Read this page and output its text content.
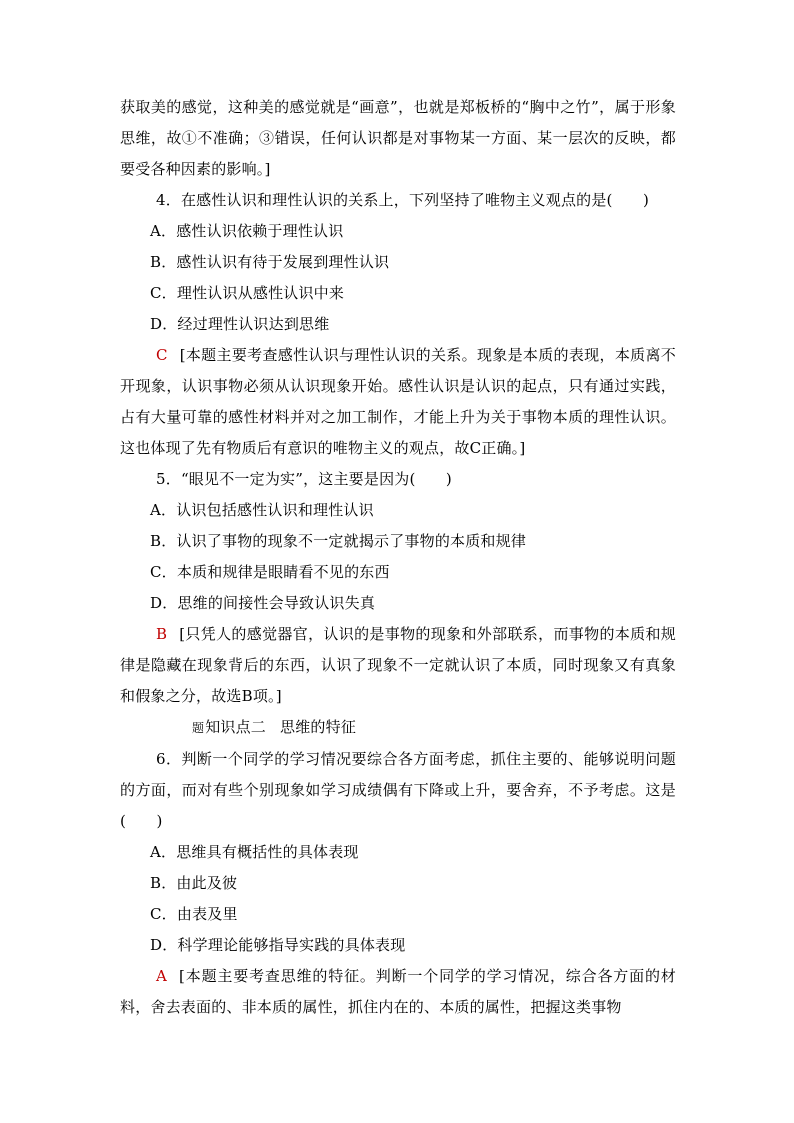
获取美的感觉，这种美的感觉就是“画意”，也就是郑板桥的“胸中之竹”，属于形象思维，故①不准确；③错误，任何认识都是对事物某一方面、某一层次的反映，都要受各种因素的影响。]

4．在感性认识和理性认识的关系上，下列坚持了唯物主义观点的是(　　)

A．感性认识依赖于理性认识

B．感性认识有待于发展到理性认识

C．理性认识从感性认识中来

D．经过理性认识达到思维

C [本题主要考查感性认识与理性认识的关系。现象是本质的表现，本质离不开现象，认识事物必须从认识现象开始。感性认识是认识的起点，只有通过实践，占有大量可靠的感性材料并对之加工制作，才能上升为关于事物本质的理性认识。这也体现了先有物质后有意识的唯物主义的观点，故C正确。]

5．“眼见不一定为实”，这主要是因为(　　)

A．认识包括感性认识和理性认识

B．认识了事物的现象不一定就揭示了事物的本质和规律

C．本质和规律是眼睛看不见的东西

D．思维的间接性会导致认识失真

B [只凭人的感觉器官，认识的是事物的现象和外部联系，而事物的本质和规律是隐藏在现象背后的东西，认识了现象不一定就认识了本质，同时现象又有真象和假象之分，故选B项。]

题知识点二 思维的特征

6．判断一个同学的学习情况要综合各方面考虑，抓住主要的、能够说明问题的方面，而对有些个别现象如学习成绩偶有下降或上升，要舍弃，不予考虑。这是(　　)

A．思维具有概括性的具体表现

B．由此及彼

C．由表及里

D．科学理论能够指导实践的具体表现

A [本题主要考查思维的特征。判断一个同学的学习情况，综合各方面的材料，舍去表面的、非本质的属性，抓住内在的、本质的属性，把握这类事物
